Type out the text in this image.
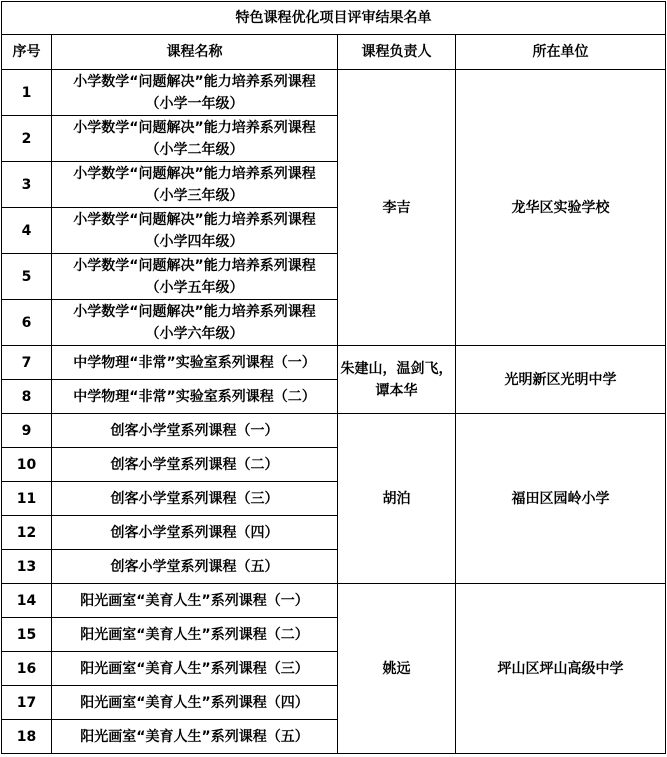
特色课程优化项目评审结果名单			
序号	课程名称	课程负责人	所在单位
1	小学数学“问题解决”能力培养系列课程
（小学一年级）	李吉	龙华区实验学校
2	小学数学“问题解决”能力培养系列课程
（小学二年级）		

3	小学数学“问题解决”能力培养系列课程
（小学三年级）		

4	小学数学“问题解决”能力培养系列课程
（小学四年级）		

5	小学数学“问题解决”能力培养系列课程
（小学五年级）		

6	小学数学“问题解决”能力培养系列课程
（小学六年级）		

7	中学物理“非常”实验室系列课程（一）	朱建山，温剑飞，谭本华	光明新区光明中学
8	中学物理“非常”实验室系列课程（二）		
9	创客小学堂系列课程（一）	胡泊	福田区园岭小学
10	创客小学堂系列课程（二）		
11	创客小学堂系列课程（三）		
12	创客小学堂系列课程（四）		
13	创客小学堂系列课程（五）		
14	阳光画室“美育人生”系列课程（一）	姚远	坪山区坪山高级中学
15	阳光画室“美育人生”系列课程（二）		
16	阳光画室“美育人生”系列课程（三）		
17	阳光画室“美育人生”系列课程（四）		
18	阳光画室“美育人生”系列课程（五）		
